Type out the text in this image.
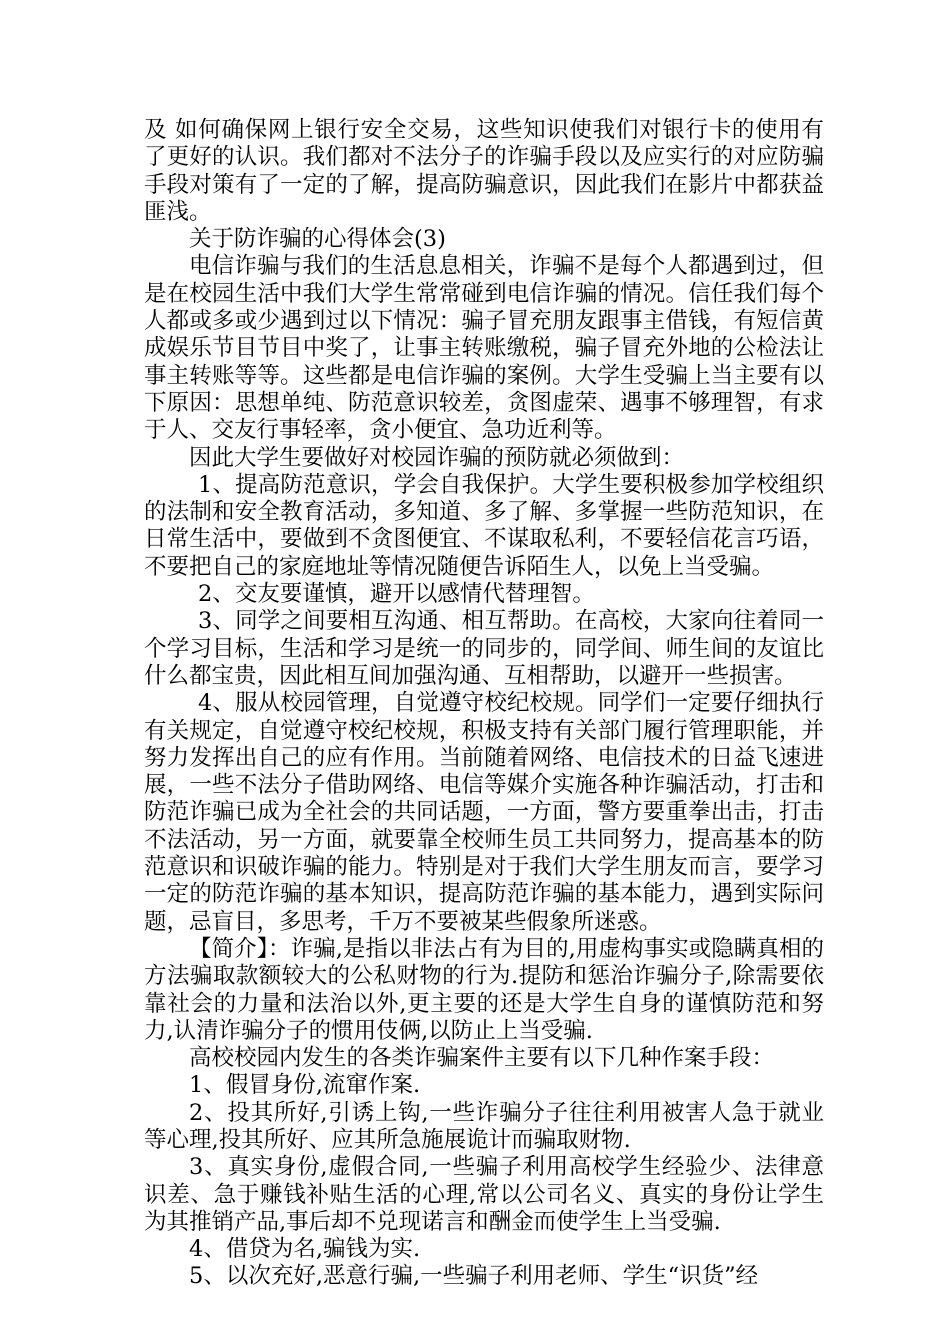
及 如何确保网上银行安全交易，这些知识使我们对银行卡的使用有了更好的认识。我们都对不法分子的诈骗手段以及应实行的对应防骗手段对策有了一定的了解，提高防骗意识，因此我们在影片中都获益匪浅。

关于防诈骗的心得体会(3)

电信诈骗与我们的生活息息相关，诈骗不是每个人都遇到过，但是在校园生活中我们大学生常常碰到电信诈骗的情况。信任我们每个人都或多或少遇到过以下情况：骗子冒充朋友跟事主借钱，有短信黄成娱乐节目节目中奖了，让事主转账缴税，骗子冒充外地的公检法让事主转账等等。这些都是电信诈骗的案例。大学生受骗上当主要有以下原因：思想单纯、防范意识较差，贪图虚荣、遇事不够理智，有求于人、交友行事轻率，贪小便宜、急功近利等。

因此大学生要做好对校园诈骗的预防就必须做到：

1、提高防范意识，学会自我保护。大学生要积极参加学校组织的法制和安全教育活动，多知道、多了解、多掌握一些防范知识，在日常生活中，要做到不贪图便宜、不谋取私利，不要轻信花言巧语，不要把自己的家庭地址等情况随便告诉陌生人，以免上当受骗。

2、交友要谨慎，避开以感情代替理智。

3、同学之间要相互沟通、相互帮助。在高校，大家向往着同一个学习目标，生活和学习是统一的同步的，同学间、师生间的友谊比什么都宝贵，因此相互间加强沟通、互相帮助，以避开一些损害。

4、服从校园管理，自觉遵守校纪校规。同学们一定要仔细执行有关规定，自觉遵守校纪校规，积极支持有关部门履行管理职能，并努力发挥出自己的应有作用。当前随着网络、电信技术的日益飞速进展，一些不法分子借助网络、电信等媒介实施各种诈骗活动，打击和防范诈骗已成为全社会的共同话题，一方面，警方要重拳出击，打击不法活动，另一方面，就要靠全校师生员工共同努力，提高基本的防范意识和识破诈骗的能力。特别是对于我们大学生朋友而言，要学习一定的防范诈骗的基本知识，提高防范诈骗的基本能力，遇到实际问题，忌盲目，多思考，千万不要被某些假象所迷惑。

【简介】：诈骗,是指以非法占有为目的,用虚构事实或隐瞒真相的方法骗取款额较大的公私财物的行为.提防和惩治诈骗分子,除需要依靠社会的力量和法治以外,更主要的还是大学生自身的谨慎防范和努力,认清诈骗分子的惯用伎俩,以防止上当受骗.

高校校园内发生的各类诈骗案件主要有以下几种作案手段：

1、假冒身份,流窜作案.

2、投其所好,引诱上钩,一些诈骗分子往往利用被害人急于就业等心理,投其所好、应其所急施展诡计而骗取财物.

3、真实身份,虚假合同,一些骗子利用高校学生经验少、法律意识差、急于赚钱补贴生活的心理,常以公司名义、真实的身份让学生为其推销产品,事后却不兑现诺言和酬金而使学生上当受骗.

4、借贷为名,骗钱为实.

5、以次充好,恶意行骗,一些骗子利用老师、学生“识货”经
